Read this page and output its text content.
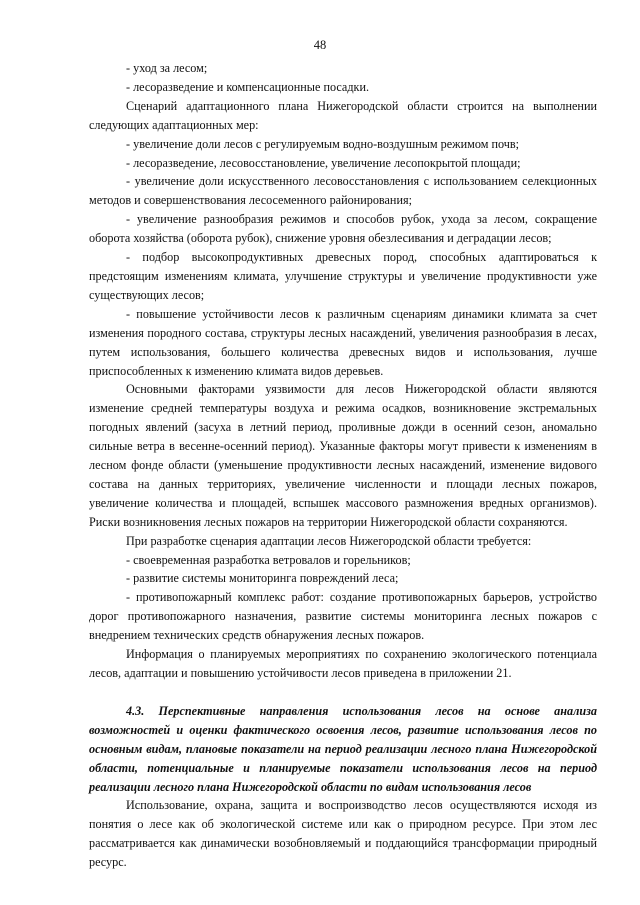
48

- уход за лесом;

- лесоразведение и компенсационные посадки.

Сценарий адаптационного плана Нижегородской области строится на выполнении следующих адаптационных мер:

- увеличение доли лесов с регулируемым водно-воздушным режимом почв;

- лесоразведение, лесовосстановление, увеличение лесопокрытой площади;

- увеличение доли искусственного лесовосстановления с использованием селекционных методов и совершенствования лесосеменного районирования;

- увеличение разнообразия режимов и способов рубок, ухода за лесом, сокращение оборота хозяйства (оборота рубок), снижение уровня обезлесивания и деградации лесов;

- подбор высокопродуктивных древесных пород, способных адаптироваться к предстоящим изменениям климата, улучшение структуры и увеличение продуктивности уже существующих лесов;

- повышение устойчивости лесов к различным сценариям динамики климата за счет изменения породного состава, структуры лесных насаждений, увеличения разнообразия в лесах, путем использования, большего количества древесных видов и использования, лучше приспособленных к изменению климата видов деревьев.

Основными факторами уязвимости для лесов Нижегородской области являются изменение средней температуры воздуха и режима осадков, возникновение экстремальных погодных явлений (засуха в летний период, проливные дожди в осенний сезон, аномально сильные ветра в весенне-осенний период). Указанные факторы могут привести к изменениям в лесном фонде области (уменьшение продуктивности лесных насаждений, изменение видового состава на данных территориях, увеличение численности и площади лесных пожаров, увеличение количества и площадей, вспышек массового размножения вредных организмов). Риски возникновения лесных пожаров на территории Нижегородской области сохраняются.

При разработке сценария адаптации лесов Нижегородской области требуется:

- своевременная разработка ветровалов и горельников;

- развитие системы мониторинга повреждений леса;

- противопожарный комплекс работ: создание противопожарных барьеров, устройство дорог противопожарного назначения, развитие системы мониторинга лесных пожаров с внедрением технических средств обнаружения лесных пожаров.

Информация о планируемых мероприятиях по сохранению экологического потенциала лесов, адаптации и повышению устойчивости лесов приведена в приложении 21.

4.3. Перспективные направления использования лесов на основе анализа возможностей и оценки фактического освоения лесов, развитие использования лесов по основным видам, плановые показатели на период реализации лесного плана Нижегородской области, потенциальные и планируемые показатели использования лесов на период реализации лесного плана Нижегородской области по видам использования лесов

Использование, охрана, защита и воспроизводство лесов осуществляются исходя из понятия о лесе как об экологической системе или как о природном ресурсе. При этом лес рассматривается как динамически возобновляемый и поддающийся трансформации природный ресурс.
